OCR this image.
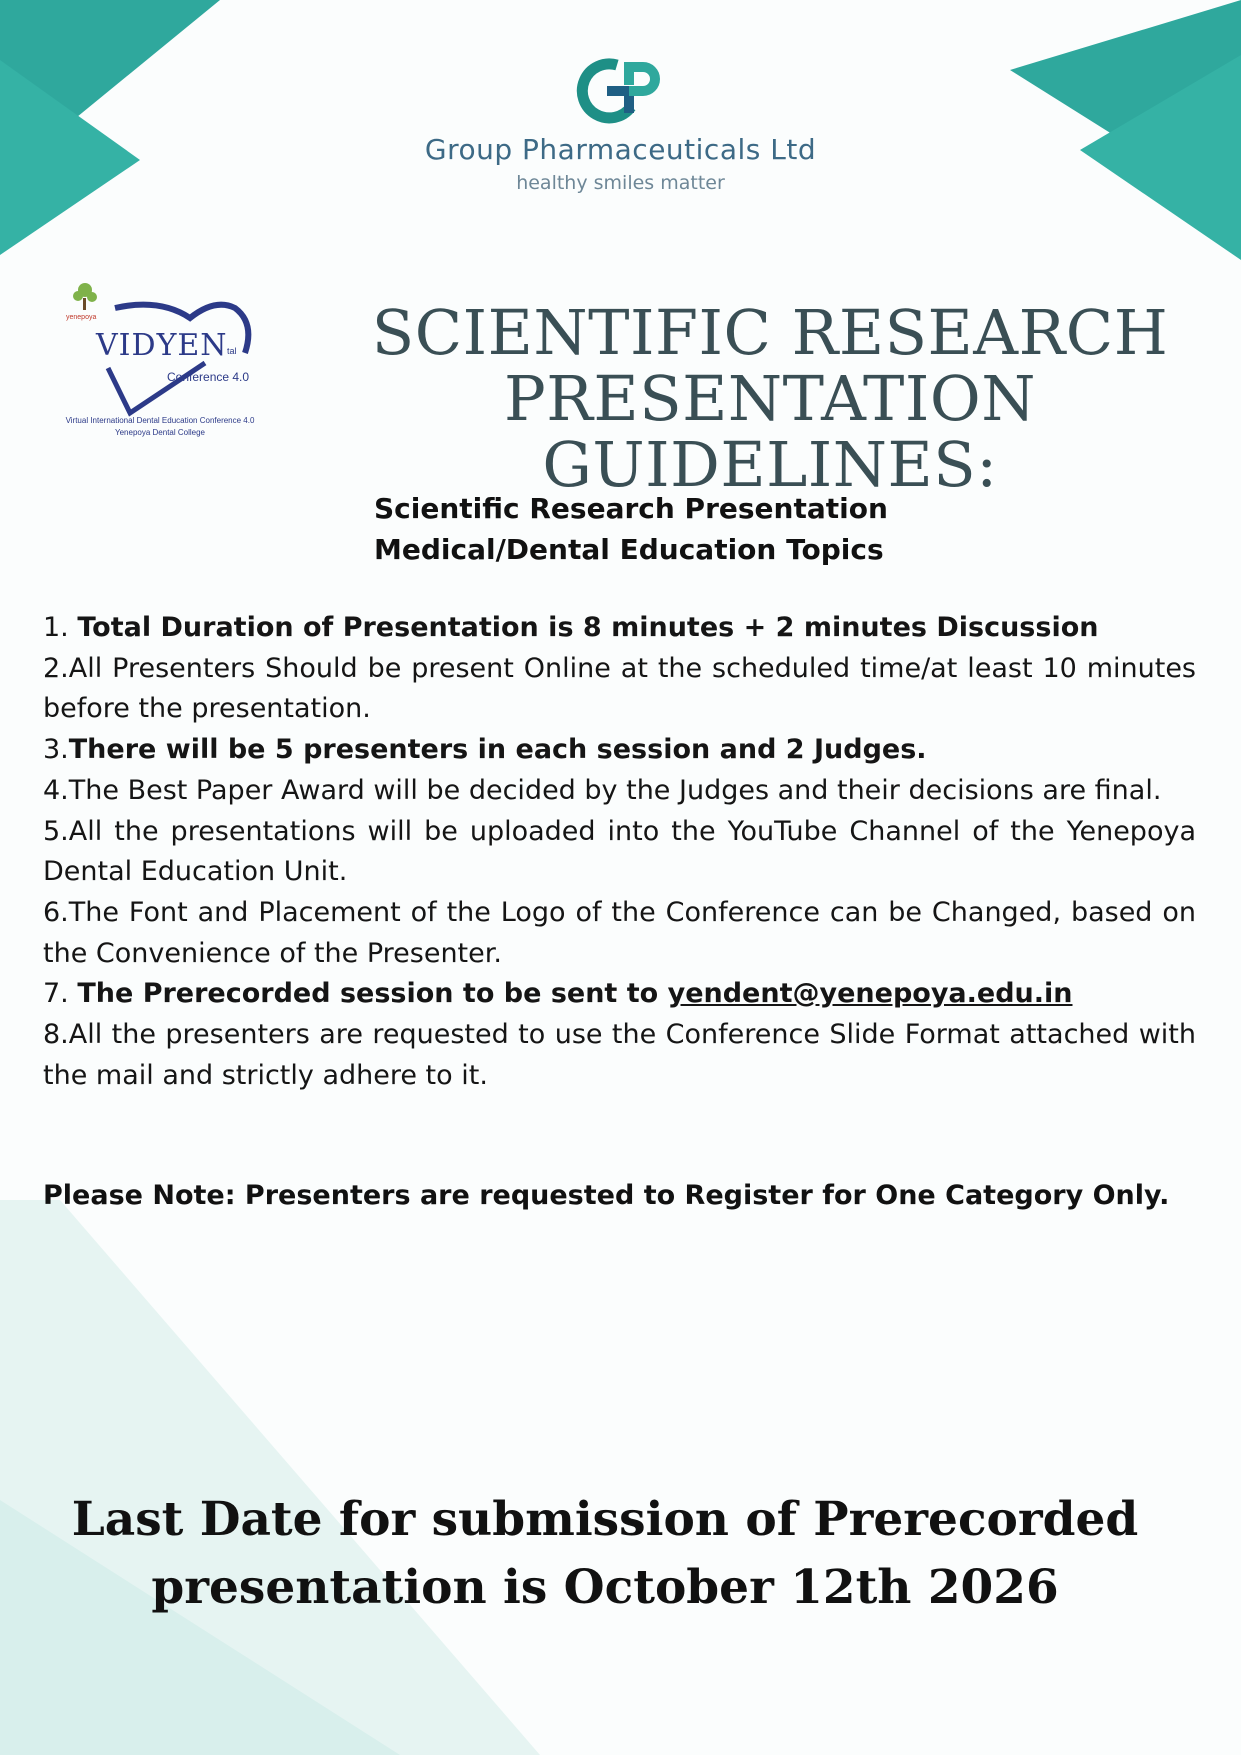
Group Pharmaceuticals Ltd
healthy smiles matter
yenepoya
VIDYEN tal
Conference 4.0
Virtual International Dental Education Conference 4.0
Yenepoya Dental College
SCIENTIFIC RESEARCH
PRESENTATION GUIDELINES:
Scientific Research Presentation
Medical/Dental Education Topics

1. Total Duration of Presentation is 8 minutes + 2 minutes Discussion

2.All Presenters Should be present Online at the scheduled time/at least 10 minutes before the presentation.

3.There will be 5 presenters in each session and 2 Judges.

4.The Best Paper Award will be decided by the Judges and their decisions are final.

5.All the presentations will be uploaded into the YouTube Channel of the Yenepoya Dental Education Unit.

6.The Font and Placement of the Logo of the Conference can be Changed, based on the Convenience of the Presenter.

7. The Prerecorded session to be sent to yendent@yenepoya.edu.in

8.All the presenters are requested to use the Conference Slide Format attached with the mail and strictly adhere to it.

Please Note: Presenters are requested to Register for One Category Only.
Last Date for submission of Prerecorded
presentation is October 12th 2026
